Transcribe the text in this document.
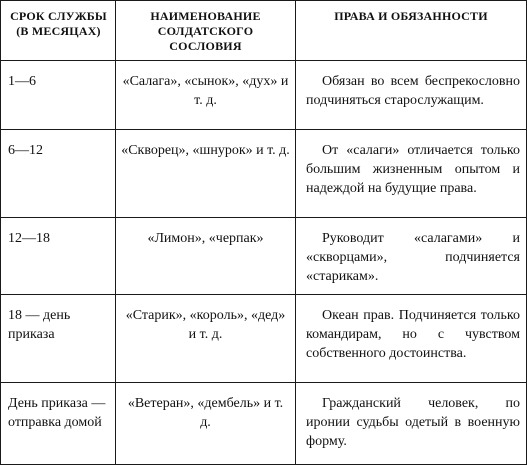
СРОК СЛУЖБЫ (В МЕСЯЦАХ)	НАИМЕНОВАНИЕ СОЛДАТСКОГО СОСЛОВИЯ	ПРАВА И ОБЯЗАННОСТИ

1—6	«Салага», «сынок», «дух» и т. д.	Обязан во всем беспрекословно подчиняться старослужащим.

6—12	«Скворец», «шнурок» и т. д.	От «салаги» отличается только большим жизненным опытом и надеждой на будущие права.

12—18	«Лимон», «черпак»	Руководит «салагами» и «скворцами», подчиняется «старикам».

18 — день приказа	«Старик», «король», «дед» и т. д.	Океан прав. Подчиняется только командирам, но с чувством собственного достоинства.

День приказа — отправка домой	«Ветеран», «дембель» и т. д.	Гражданский человек, по иронии судьбы одетый в военную форму.
